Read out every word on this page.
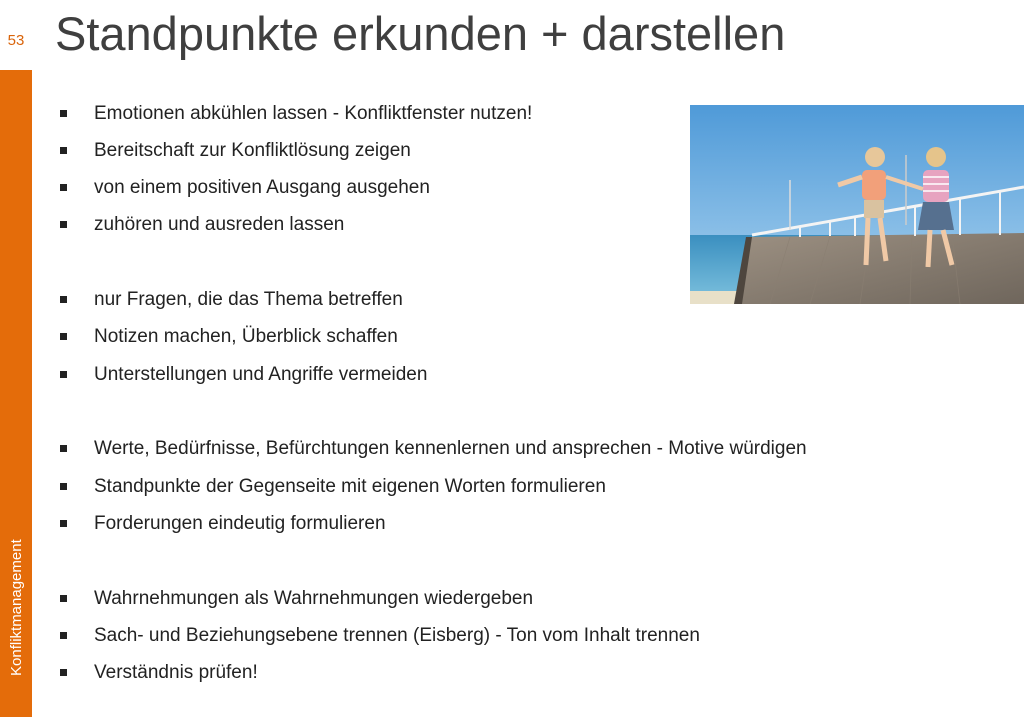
53
Konfliktmanagement
Standpunkte erkunden + darstellen
Emotionen abkühlen lassen - Konfliktfenster nutzen!
Bereitschaft zur Konfliktlösung zeigen
von einem positiven Ausgang ausgehen
zuhören und ausreden lassen
nur Fragen, die das Thema betreffen
Notizen machen, Überblick schaffen
Unterstellungen und Angriffe vermeiden
Werte, Bedürfnisse, Befürchtungen kennenlernen und ansprechen - Motive würdigen
Standpunkte der Gegenseite mit eigenen Worten formulieren
Forderungen eindeutig formulieren
Wahrnehmungen als Wahrnehmungen wiedergeben
Sach- und Beziehungsebene trennen (Eisberg) - Ton vom Inhalt trennen
Verständnis prüfen!
